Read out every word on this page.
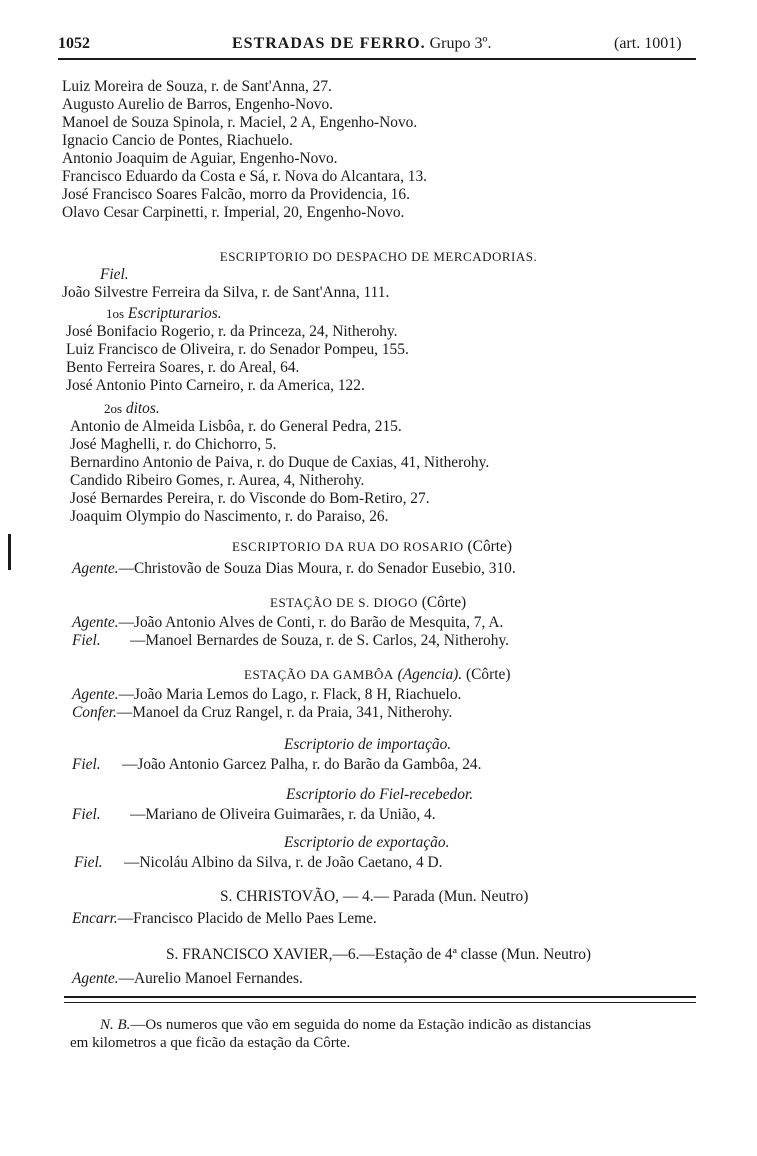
1052	ESTRADAS DE FERRO. Grupo 3º.	(art. 1001)
Luiz Moreira de Souza, r. de Sant'Anna, 27.
Augusto Aurelio de Barros, Engenho-Novo.
Manoel de Souza Spinola, r. Maciel, 2 A, Engenho-Novo.
Ignacio Cancio de Pontes, Riachuelo.
Antonio Joaquim de Aguiar, Engenho-Novo.
Francisco Eduardo da Costa e Sá, r. Nova do Alcantara, 13.
José Francisco Soares Falcão, morro da Providencia, 16.
Olavo Cesar Carpinetti, r. Imperial, 20, Engenho-Novo.
ESCRIPTORIO DO DESPACHO DE MERCADORIAS.
Fiel.
João Silvestre Ferreira da Silva, r. de Sant'Anna, 111.
1os Escripturarios.
José Bonifacio Rogerio, r. da Princeza, 24, Nitherohy.
Luiz Francisco de Oliveira, r. do Senador Pompeu, 155.
Bento Ferreira Soares, r. do Areal, 64.
José Antonio Pinto Carneiro, r. da America, 122.
2os ditos.
Antonio de Almeida Lisbôa, r. do General Pedra, 215.
José Maghelli, r. do Chichorro, 5.
Bernardino Antonio de Paiva, r. do Duque de Caxias, 41, Nitherohy.
Candido Ribeiro Gomes, r. Aurea, 4, Nitherohy.
José Bernardes Pereira, r. do Visconde do Bom-Retiro, 27.
Joaquim Olympio do Nascimento, r. do Paraiso, 26.
ESCRIPTORIO DA RUA DO ROSARIO (Côrte)
Agente.—Christovão de Souza Dias Moura, r. do Senador Eusebio, 310.
ESTAÇÃO DE S. DIOGO (Côrte)
Agente.—João Antonio Alves de Conti, r. do Barão de Mesquita, 7, A.
Fiel. —Manoel Bernardes de Souza, r. de S. Carlos, 24, Nitherohy.
ESTAÇÃO DA GAMBÔA (Agencia). (Côrte)
Agente.—João Maria Lemos do Lago, r. Flack, 8 H, Riachuelo.
Confer.—Manoel da Cruz Rangel, r. da Praia, 341, Nitherohy.
Escriptorio de importação.
Fiel. —João Antonio Garcez Palha, r. do Barão da Gambôa, 24.
Escriptorio do Fiel-recebedor.
Fiel. —Mariano de Oliveira Guimarães, r. da União, 4.
Escriptorio de exportação.
Fiel. —Nicoláu Albino da Silva, r. de João Caetano, 4 D.
S. CHRISTOVÃO, — 4.— Parada (Mun. Neutro)
Encarr.—Francisco Placido de Mello Paes Leme.
S. FRANCISCO XAVIER,—6.—Estação de 4ª classe (Mun. Neutro)
Agente.—Aurelio Manoel Fernandes.
N. B.—Os numeros que vão em seguida do nome da Estação indicão as distancias
em kilometros a que ficão da estação da Côrte.
